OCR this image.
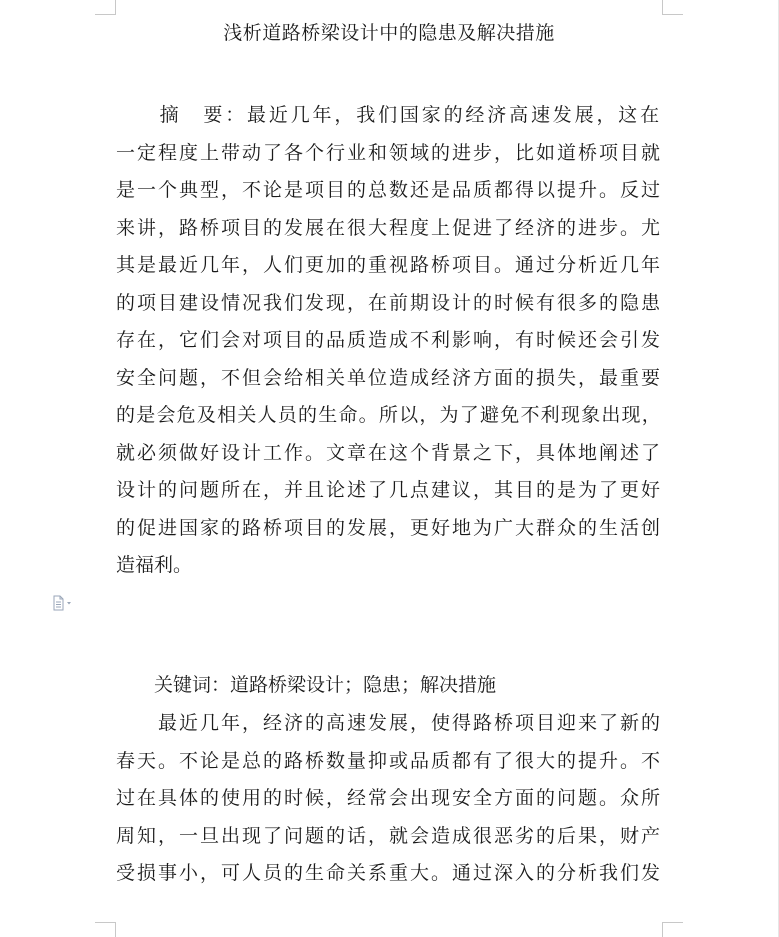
浅析道路桥梁设计中的隐患及解决措施
　　摘　要：最近几年，我们国家的经济高速发展，这在
一定程度上带动了各个行业和领域的进步，比如道桥项目就
是一个典型，不论是项目的总数还是品质都得以提升。反过
来讲，路桥项目的发展在很大程度上促进了经济的进步。尤
其是最近几年，人们更加的重视路桥项目。通过分析近几年
的项目建设情况我们发现，在前期设计的时候有很多的隐患
存在，它们会对项目的品质造成不利影响，有时候还会引发
安全问题，不但会给相关单位造成经济方面的损失，最重要
的是会危及相关人员的生命。所以，为了避免不利现象出现，
就必须做好设计工作。文章在这个背景之下，具体地阐述了
设计的问题所在，并且论述了几点建议，其目的是为了更好
的促进国家的路桥项目的发展，更好地为广大群众的生活创
造福利。
　　关键词：道路桥梁设计；隐患；解决措施
　　最近几年，经济的高速发展，使得路桥项目迎来了新的
春天。不论是总的路桥数量抑或品质都有了很大的提升。不
过在具体的使用的时候，经常会出现安全方面的问题。众所
周知，一旦出现了问题的话，就会造成很恶劣的后果，财产
受损事小，可人员的生命关系重大。通过深入的分析我们发
